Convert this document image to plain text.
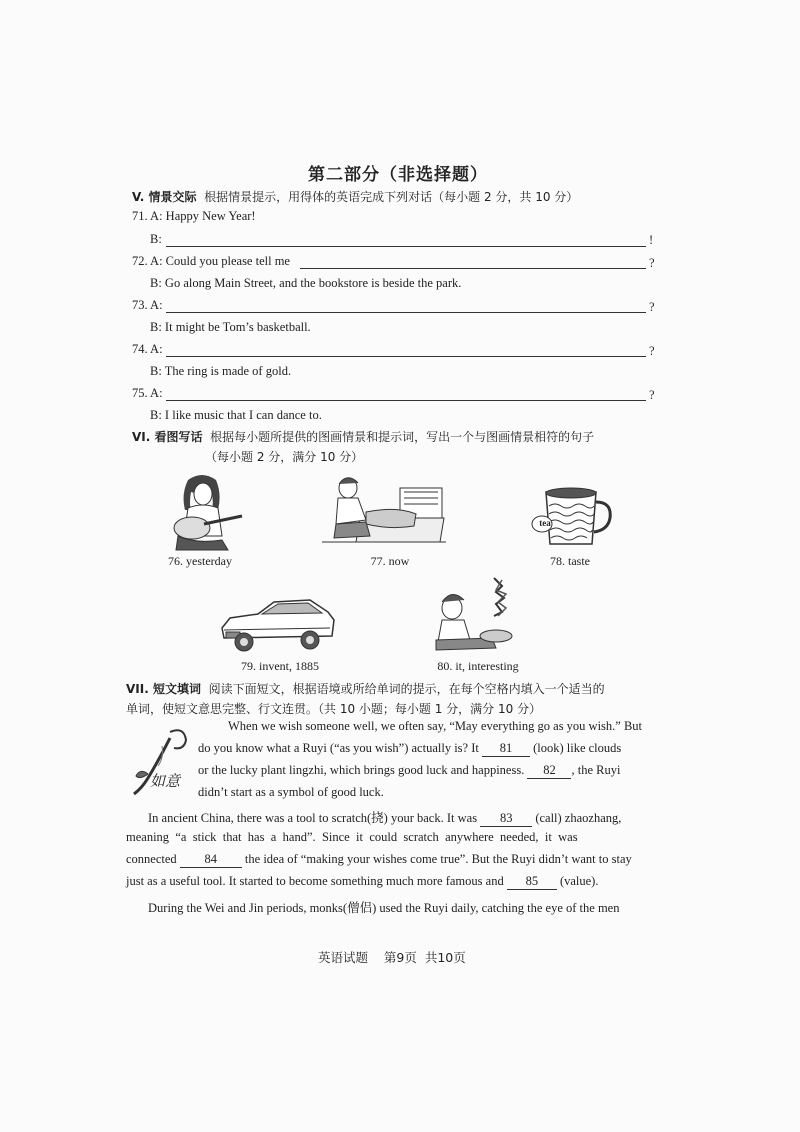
第二部分（非选择题）
V. 情景交际 根据情景提示，用得体的英语完成下列对话（每小题 2 分，共 10 分）
71. A: Happy New Year!
B:	!
72. A: Could you please tell me	?
B: Go along Main Street, and the bookstore is beside the park.
73. A:	?
B: It might be Tom’s basketball.
74. A:	?
B: The ring is made of gold.
75. A:	?
B: I like music that I can dance to.
VI. 看图写话 根据每小题所提供的图画情景和提示词，写出一个与图画情景相符的句子
（每小题 2 分，满分 10 分）
76. yesterday	77. now
tea
78. taste
79. invent, 1885	80. it, interesting
VII. 短文填词 阅读下面短文，根据语境或所给单词的提示，在每个空格内填入一个适当的
单词，使短文意思完整、行文连贯。（共 10 小题；每小题 1 分，满分 10 分）
如意
When we wish someone well, we often say, “May everything go as you wish.” But
do you know what a Ruyi (“as you wish”) actually is? It 81 (look) like clouds
or the lucky plant lingzhi, which brings good luck and happiness. 82 , the Ruyi
didn’t start as a symbol of good luck.
In ancient China, there was a tool to scratch(挠) your back. It was 83 (call) zhaozhang,
meaning “a stick that has a hand”. Since it could scratch anywhere needed, it was
connected 84 the idea of “making your wishes come true”. But the Ruyi didn’t want to stay
just as a useful tool. It started to become something much more famous and 85 (value).
During the Wei and Jin periods, monks(僧侣) used the Ruyi daily, catching the eye of the men
英语试题 第9页 共10页
